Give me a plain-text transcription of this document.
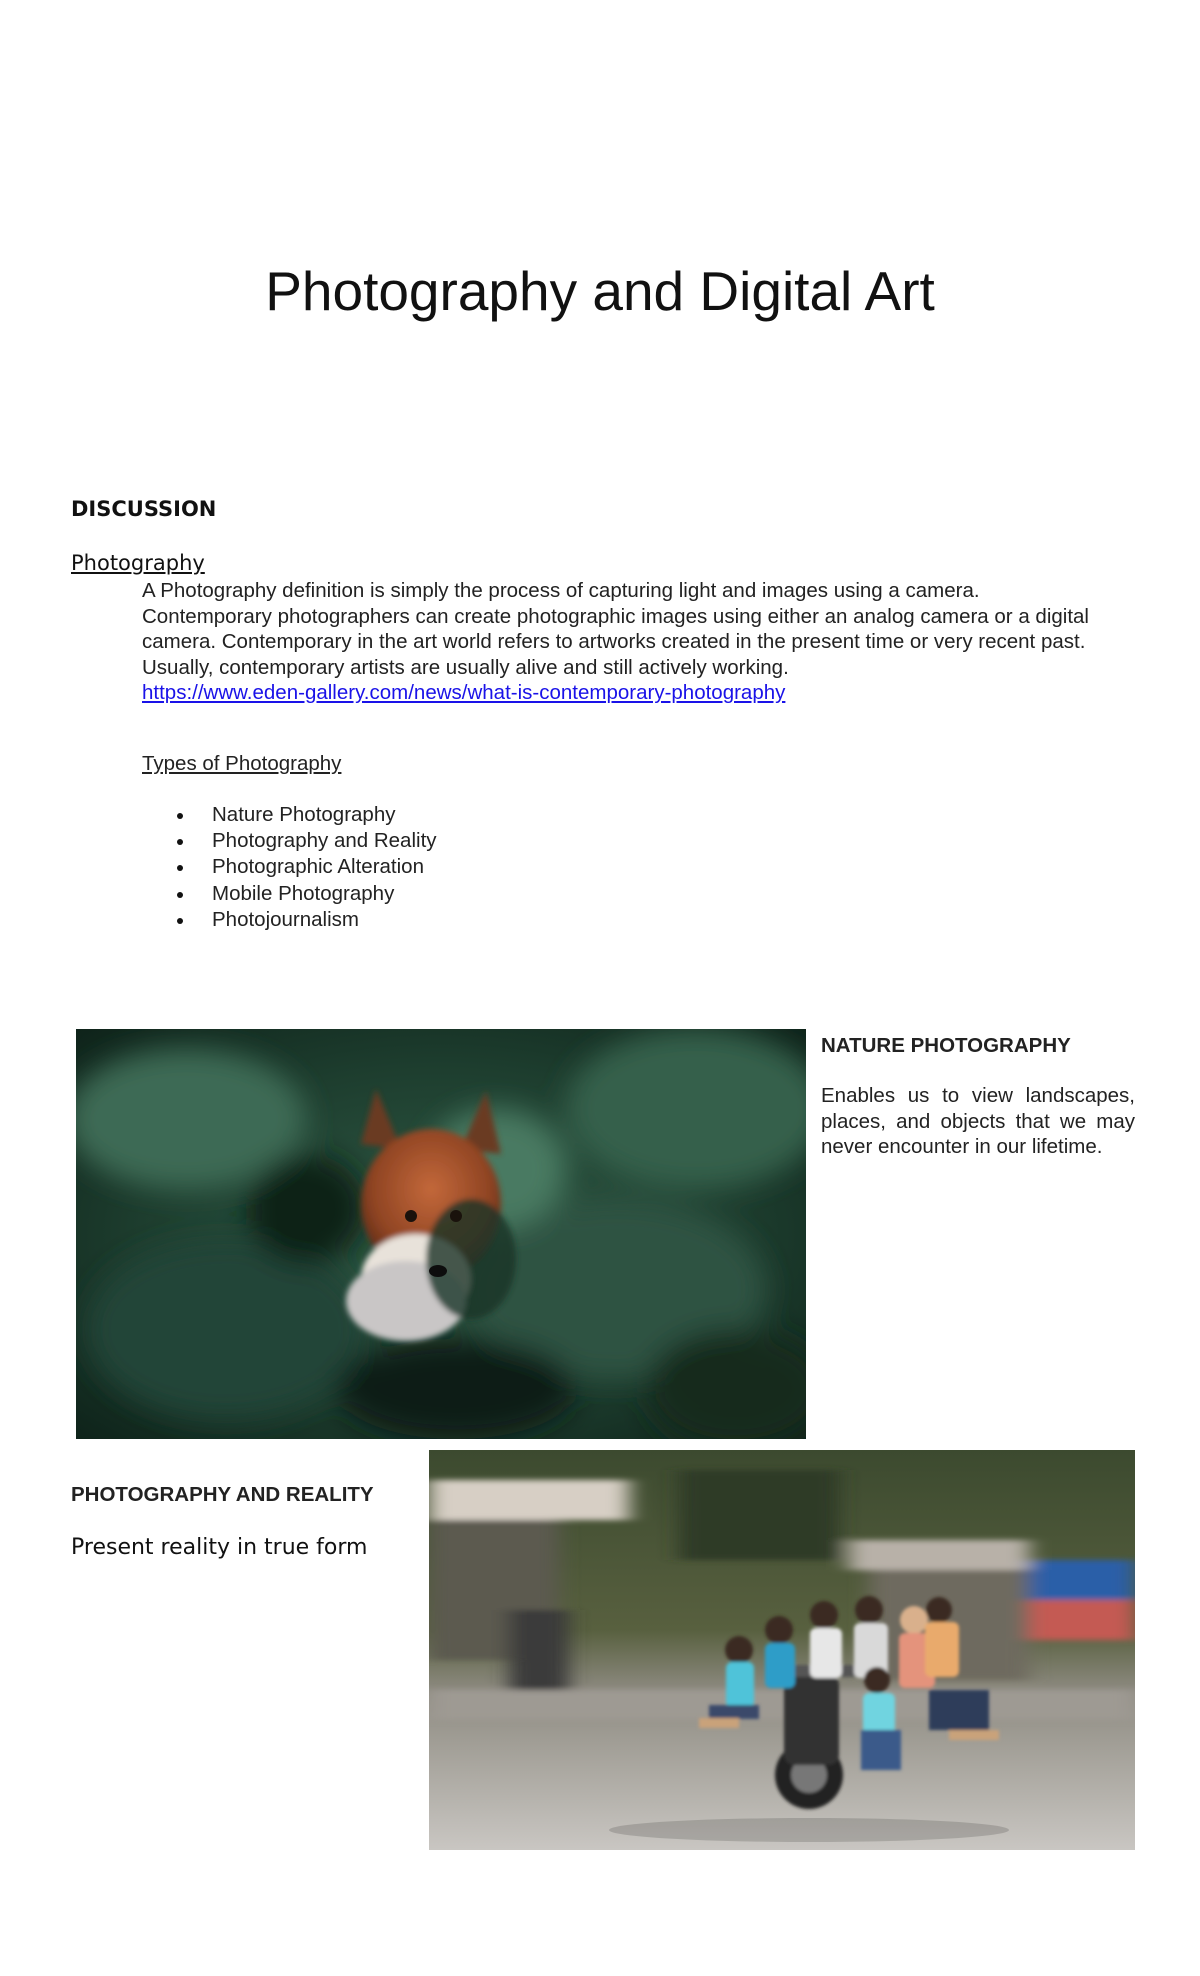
Photography and Digital Art
DISCUSSION
Photography

A Photography definition is simply the process of capturing light and images using a camera. Contemporary photographers can create photographic images using either an analog camera or a digital camera. Contemporary in the art world refers to artworks created in the present time or very recent past. Usually, contemporary artists are usually alive and still actively working.
https://www.eden-gallery.com/news/what-is-contemporary-photography

Types of Photography
Nature Photography
Photography and Reality
Photographic Alteration
Mobile Photography
Photojournalism
NATURE PHOTOGRAPHY

Enables us to view landscapes, places, and objects that we may never encounter in our lifetime.

PHOTOGRAPHY AND REALITY
Present reality in true form
